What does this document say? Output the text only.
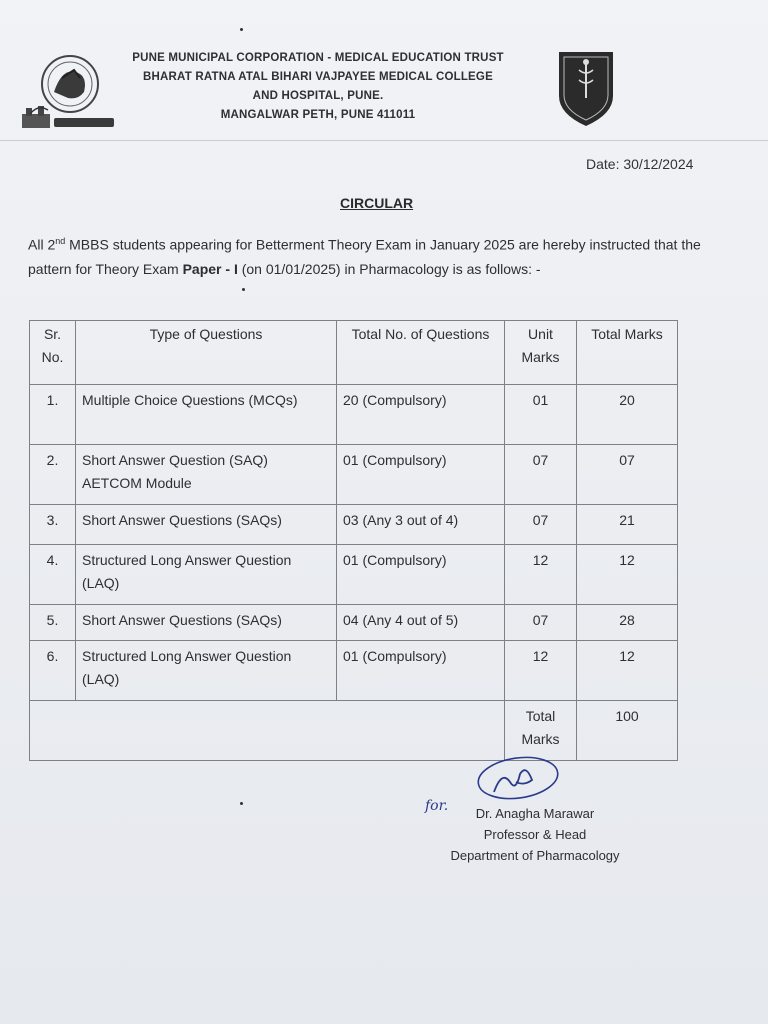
PUNE MUNICIPAL CORPORATION - MEDICAL EDUCATION TRUST
BHARAT RATNA ATAL BIHARI VAJPAYEE MEDICAL COLLEGE
AND HOSPITAL, PUNE.
MANGALWAR PETH, PUNE 411011
Date: 30/12/2024
CIRCULAR
All 2nd MBBS students appearing for Betterment Theory Exam in January 2025 are hereby instructed that the pattern for Theory Exam Paper - I (on 01/01/2025) in Pharmacology is as follows: -
Sr. No.	Type of Questions	Total No. of Questions	Unit Marks	Total Marks
1.	Multiple Choice Questions (MCQs)	20 (Compulsory)	01	20
2.	Short Answer Question (SAQ) AETCOM Module	01 (Compulsory)	07	07
3.	Short Answer Questions (SAQs)	03 (Any 3 out of 4)	07	21
4.	Structured Long Answer Question (LAQ)	01 (Compulsory)	12	12
5.	Short Answer Questions (SAQs)	04 (Any 4 out of 5)	07	28
6.	Structured Long Answer Question (LAQ)	01 (Compulsory)	12	12
			Total Marks	100
for.	Dr. Anagha Marawar
Professor & Head
Department of Pharmacology
